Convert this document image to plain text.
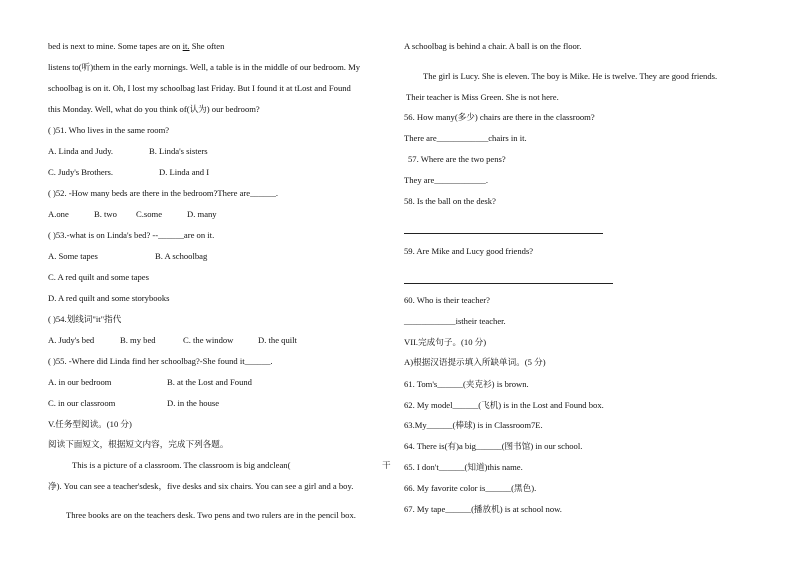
bed is next to mine. Some tapes are on it. She often
listens to(听)them in the early mornings. Well, a table is in the middle of our bedroom. My
schoolbag is on it. Oh, I lost my schoolbag last Friday. But I found it at tLost and Found
this Monday. Well, what do you think of(认为) our bedroom?
( )51. Who lives in the same room?
A. Linda and Judy.	B. Linda's sisters
C. Judy's Brothers.	D. Linda and I
( )52. -How many beds are there in the bedroom?There are______.
A.one	B. two C.some	D. many
( )53.-what is on Linda's bed? --______are on it.
A. Some tapes	B. A schoolbag
C. A red quilt and some tapes
D. A red quilt and some storybooks
( )54.划线词"it"指代
A. Judy's bed	B. my bed	C. the window	D. the quilt
( )55. -Where did Linda find her schoolbag?-She found it______.
A. in our bedroom	B. at the Lost and Found
C. in our classroom	D. in the house
V.任务型阅读。(10 分)
阅读下面短文，根据短文内容，完成下列各题。
This is a picture of a classroom. The classroom is big andclean(	干
净). You can see a teacher'sdesk，five desks and six chairs. You can see a girl and a boy.
Three books are on the teachers desk. Two pens and two rulers are in the pencil box.
A schoolbag is behind a chair. A ball is on the floor.
The girl is Lucy. She is eleven. The boy is Mike. He is twelve. They are good friends.
Their teacher is Miss Green. She is not here.
56. How many(多少) chairs are there in the classroom?
There are____________chairs in it.
57. Where are the two pens?
They are____________.
58. Is the ball on the desk?
59. Are Mike and Lucy good friends?
60. Who is their teacher?
____________istheir teacher.
VII.完成句子。(10 分)
A)根据汉语提示填入所缺单词。(5 分)
61. Tom's______(夹克衫) is brown.
62. My model______(飞机) is in the Lost and Found box.
63.My______(棒球) is in Classroom7E.
64. There is(有)a big______(图书馆) in our school.
65. I don't______(知道)this name.
66. My favorite color is______(黑色).
67. My tape______(播放机) is at school now.
